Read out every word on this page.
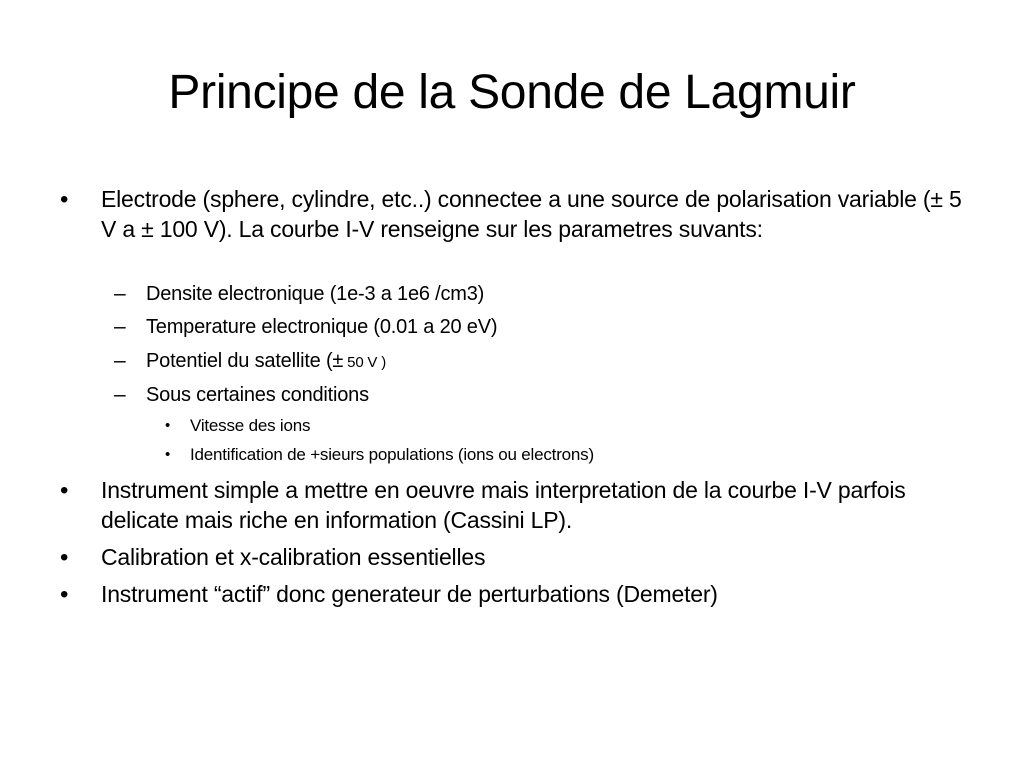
Principe de la Sonde de Lagmuir
• Electrode (sphere, cylindre, etc..) connectee a une source de polarisation variable (± 5 V a ± 100 V). La courbe I-V renseigne sur les parametres suvants:
– Densite electronique (1e-3 a 1e6 /cm3)
– Temperature electronique (0.01 a 20 eV)
– Potentiel du satellite (± 50 V )
– Sous certaines conditions
• Vitesse des ions
• Identification de +sieurs populations (ions ou electrons)
• Instrument simple a mettre en oeuvre mais interpretation de la courbe I-V parfois delicate mais riche en information (Cassini LP).
• Calibration et x-calibration essentielles
• Instrument “actif” donc generateur de perturbations (Demeter)
